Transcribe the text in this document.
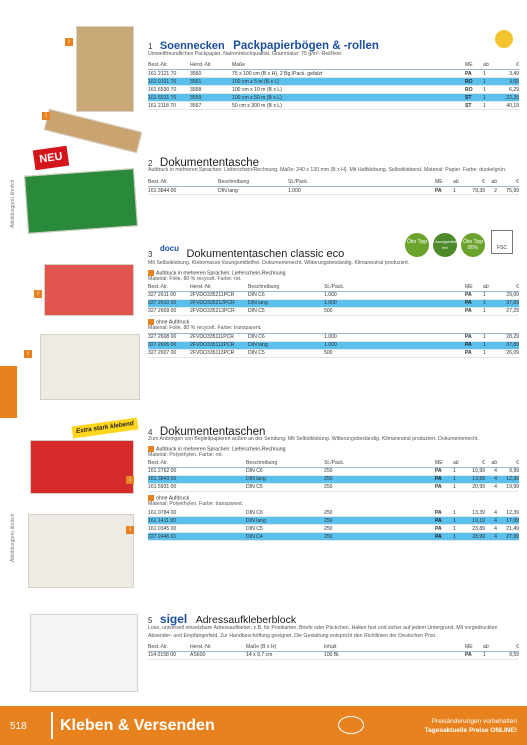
i
i
NEU
Abbildung(en) ähnlich
i
i
Extra stark klebend
i
Abbildung(en) ähnlich	i
1 Soennecken Packpapierbögen & -rollen
Umweltfreundliches Packpapier. Natronmischqualität. Grammatur: 75 g/m². Reißfest.
Best.-Nr.	Herst.-Nr.	Maße	ME	ab	€
161 2121 70	3560	75 x 100 cm (B x H), 2 Bg./Pack. gefalzt	PA	1	3,49
161 0191 70	3561	100 cm x 5 m (B x L)	RO	1	3,69
161 6530 70	3558	100 cm x 10 m (B x L)	RO	1	6,29
161 6531 70	3559	100 cm x 50 m (B x L)	ST	1	22,39
161 2118 70	3557	50 cm x 300 m (B x L)	ST	1	40,19
2 Dokumententasche
Aufdruck in mehreren Sprachen: Lieferschein/Rechnung. Maße: 240 x 130 mm (B x H). Mit Haftklebung. Selbstklebend. Material: Papier. Farbe: dunkelgrün.
Best.-Nr.	Beschreibung	St./Pack.	ME	ab	€	ab	€
161 3844 00	DIN lang	1.000	PA	1	79,39	2	75,99
$_3$ docu $_{Dokumententaschen classic eco}$
Öko Tipp	Lösungsmittel frei
Öko Tipp 80%	FSC
Mit Selbstklebung. Klebemasse lösungsmittelfrei. Dokumentenecht. Witterungsbeständig. Klimaneutral produziert.
Aufdruck in mehreren Sprachen: Lieferschein-Rechnung
Material: Folie, 80 % recycelt. Farbe: rot.
Best.-Nr.	Herst.-Nr.	Beschreibung	St./Pack.	ME	ab	€
327 2611 00	2FVDO335211PCR	DIN C6	1.000	PA	1	29,09
327 2610 00	2FVDO335212PCR	DIN lang	1.000	PA	1	37,69
327 2609 00	2FVDO335213PCR	DIN C5	500	PA	1	27,29
ohne Aufdruck
Material: Folie, 80 % recycelt. Farbe: transparent.
327 2608 00	2FVDO335111PCR	DIN C6	1.000	PA	1	28,29
327 2606 00	2FVDO335112PCR	DIN lang	1.000	PA	1	37,89
327 2607 00	2FVDO335113PCR	DIN C5	500	PA	1	26,09
4 Dokumententaschen
Zum Anbringen von Begleitpapieren außen an der Sendung. Mit Selbstklebung. Witterungsbeständig. Klimaneutral produziert. Dokumentenecht.
Aufdruck in mehreren Sprachen: Lieferschein-Rechnung
Material: Polyethylen. Farbe: rot.
Best.-Nr.	Beschreibung	St./Pack.	ME	ab	€	ab	€
161 2762 00	DIN C6	250	PA	1	10,99	4	9,99
161 3843 00	DIN lang	250	PA	1	13,99	4	12,99
161 5931 00	DIN C5	250	PA	1	20,99	4	19,99
ohne Aufdruck
Material: Polyethylen. Farbe: transparent.
161 0784 00	DIN C6	250	PA	1	13,39	4	12,39
161 1411 00	DIN lang	250	PA	1	19,19	4	17,99
161 0345 00	DIN C5	250	PA	1	23,89	4	21,49
327 2446 01	DIN C4	250	PA	1	28,99	4	27,99
5 sigel Adressaufkleberblock
Lose, universell einsetzbare Adressaufkleber, z.B. für Postkarten, Briefe oder Päckchen. Halten fest und sicher auf jedem Untergrund. Mit vorgedruckten Absender- und Empfängerfeld. Zur Handbeschriftung geeignet. Die Gestaltung entspricht den Richtlinien der Deutschen Post.
Best.-Nr.	Herst.-Nr.	Maße (B x H)	Inhalt	ME	ab	€
114 0158 00	AS600	14 x 9,7 cm	100 Bl.	PA	1	9,59
518 Kleben & Versenden	Preisänderungen vorbehalten
Tagesaktuelle Preise ONLINE!
